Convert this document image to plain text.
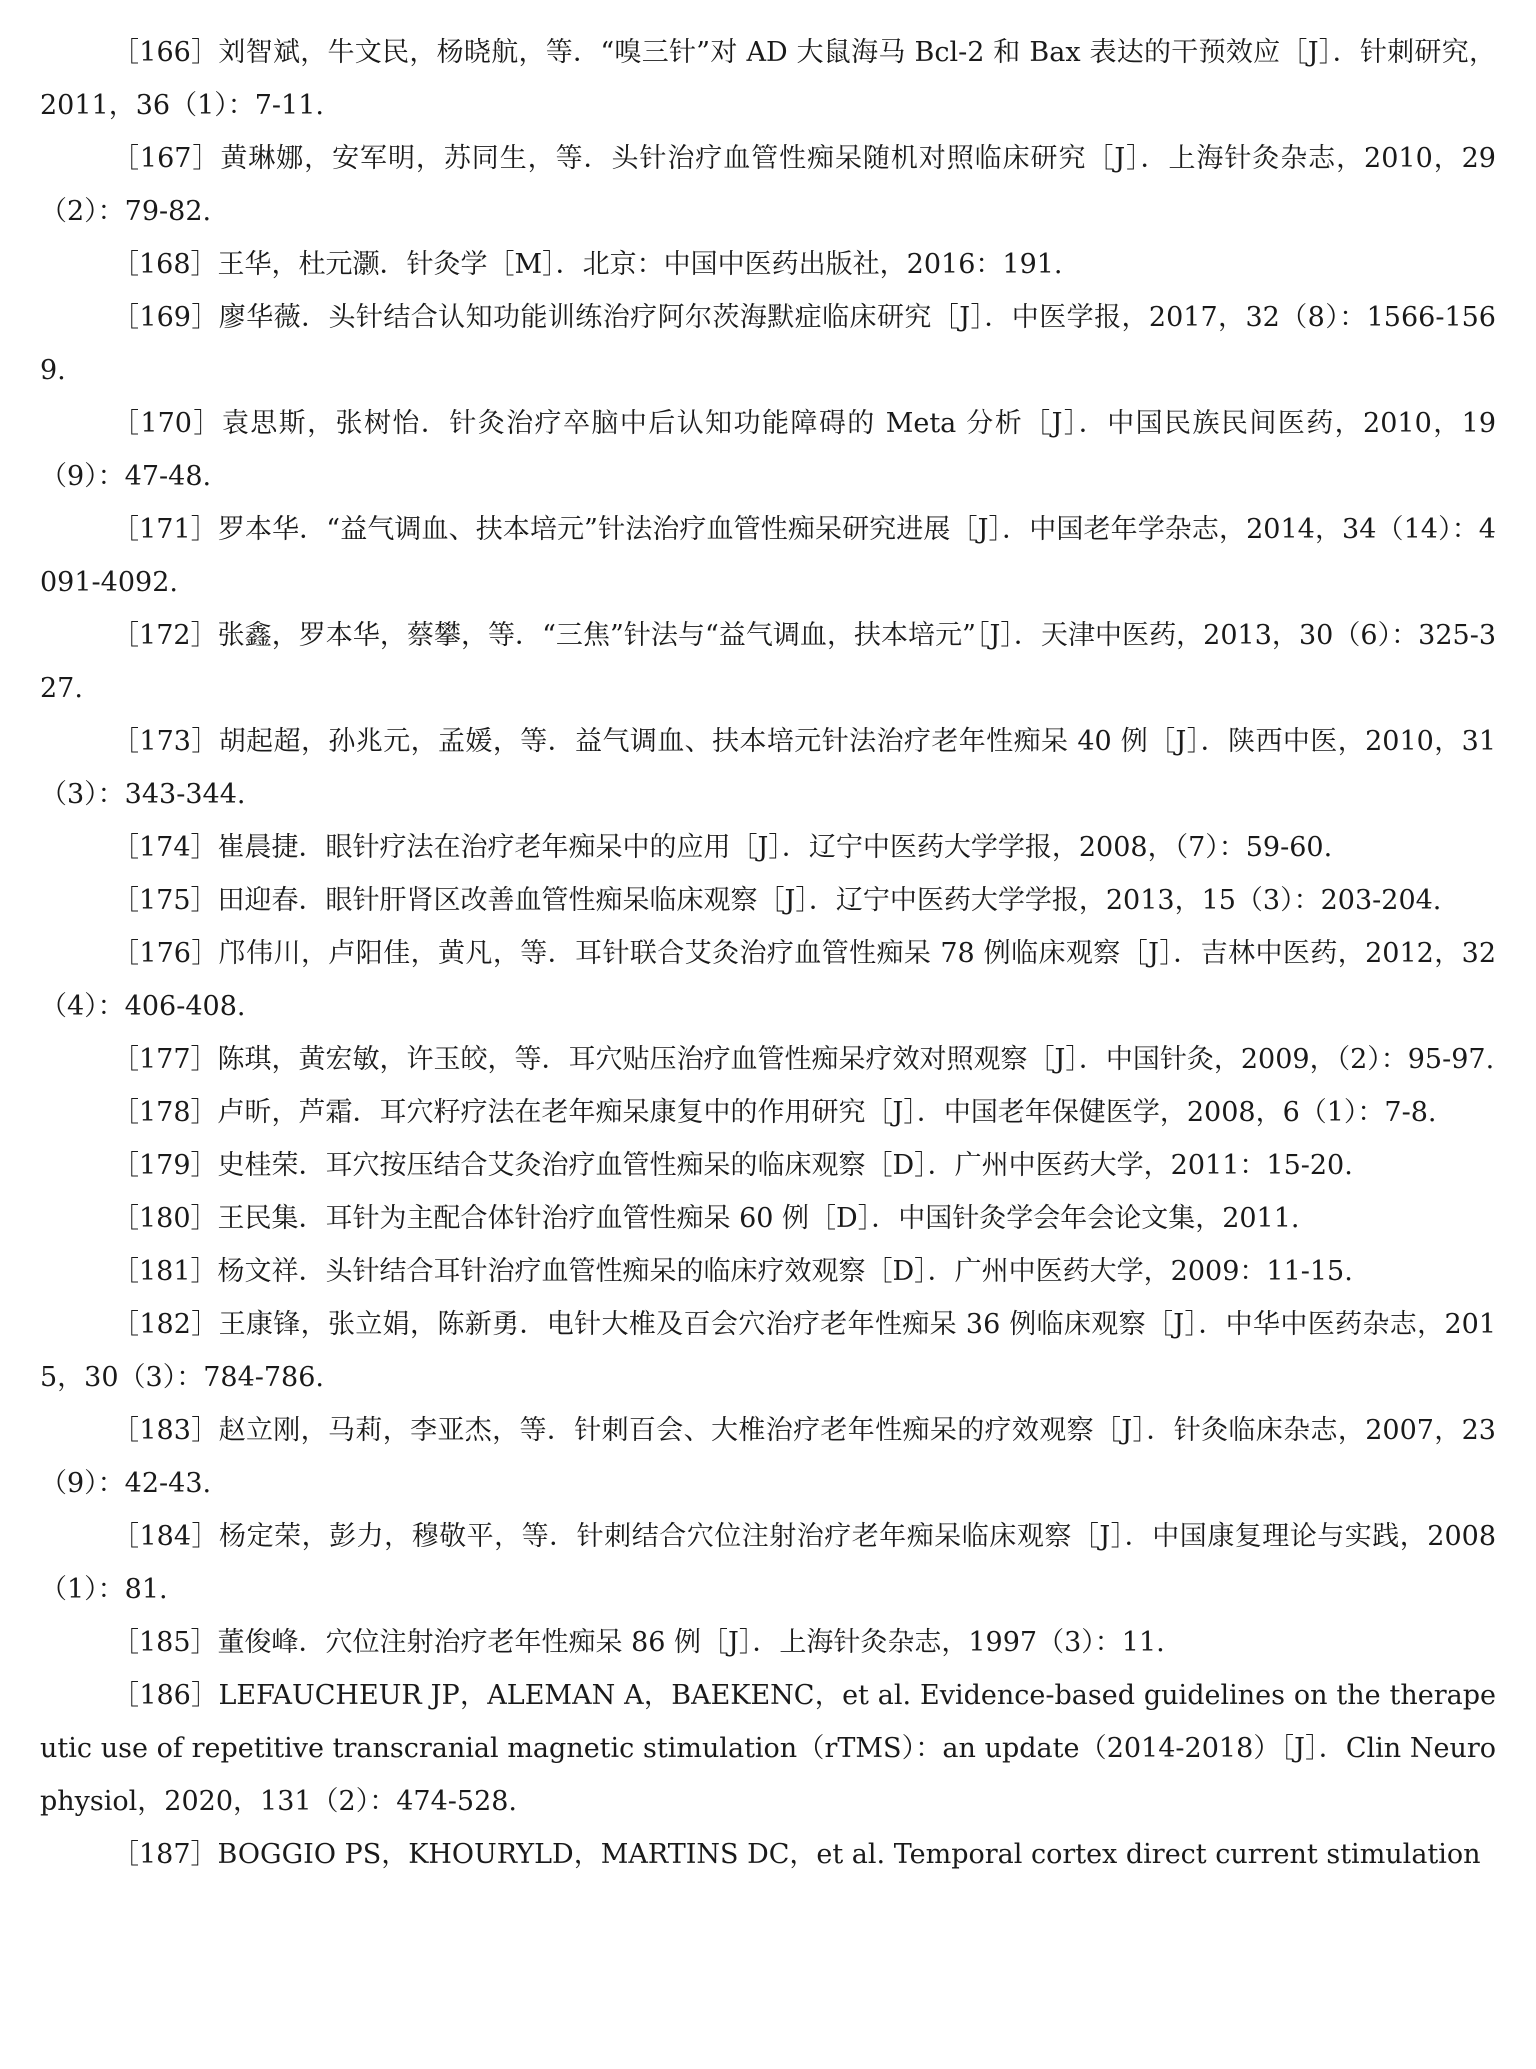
［166］刘智斌，牛文民，杨晓航，等．“嗅三针”对 AD 大鼠海马 Bcl-2 和 Bax 表达的干预效应［J］．针刺研究，2011，36（1）：7-11.

［167］黄琳娜，安军明，苏同生，等．头针治疗血管性痴呆随机对照临床研究［J］．上海针灸杂志，2010，29（2）：79-82.

［168］王华，杜元灏．针灸学［M］．北京：中国中医药出版社，2016：191.

［169］廖华薇．头针结合认知功能训练治疗阿尔茨海默症临床研究［J］．中医学报，2017，32（8）：1566-1569.

［170］袁思斯，张树怡．针灸治疗卒脑中后认知功能障碍的 Meta 分析［J］．中国民族民间医药，2010，19（9）：47-48.

［171］罗本华．“益气调血、扶本培元”针法治疗血管性痴呆研究进展［J］．中国老年学杂志，2014，34（14）：4091-4092.

［172］张鑫，罗本华，蔡攀，等．“三焦”针法与“益气调血，扶本培元”［J］．天津中医药，2013，30（6）：325-327.

［173］胡起超，孙兆元，孟媛，等．益气调血、扶本培元针法治疗老年性痴呆 40 例［J］．陕西中医，2010，31（3）：343-344.

［174］崔晨捷．眼针疗法在治疗老年痴呆中的应用［J］．辽宁中医药大学学报，2008，（7）：59-60.

［175］田迎春．眼针肝肾区改善血管性痴呆临床观察［J］．辽宁中医药大学学报，2013，15（3）：203-204.

［176］邝伟川，卢阳佳，黄凡，等．耳针联合艾灸治疗血管性痴呆 78 例临床观察［J］．吉林中医药，2012，32（4）：406-408.

［177］陈琪，黄宏敏，许玉皎，等．耳穴贴压治疗血管性痴呆疗效对照观察［J］．中国针灸，2009，（2）：95-97.

［178］卢昕，芦霜．耳穴籽疗法在老年痴呆康复中的作用研究［J］．中国老年保健医学，2008，6（1）：7-8.

［179］史桂荣．耳穴按压结合艾灸治疗血管性痴呆的临床观察［D］．广州中医药大学，2011：15-20.

［180］王民集．耳针为主配合体针治疗血管性痴呆 60 例［D］．中国针灸学会年会论文集，2011.

［181］杨文祥．头针结合耳针治疗血管性痴呆的临床疗效观察［D］．广州中医药大学，2009：11-15.

［182］王康锋，张立娟，陈新勇．电针大椎及百会穴治疗老年性痴呆 36 例临床观察［J］．中华中医药杂志，2015，30（3）：784-786.

［183］赵立刚，马莉，李亚杰，等．针刺百会、大椎治疗老年性痴呆的疗效观察［J］．针灸临床杂志，2007，23（9）：42-43.

［184］杨定荣，彭力，穆敬平，等．针刺结合穴位注射治疗老年痴呆临床观察［J］．中国康复理论与实践，2008（1）：81.

［185］董俊峰．穴位注射治疗老年性痴呆 86 例［J］．上海针灸杂志，1997（3）：11.

［186］LEFAUCHEUR JP，ALEMAN A，BAEKENC，et al. Evidence-based guidelines on the therapeutic use of repetitive transcranial magnetic stimulation（rTMS）：an update（2014-2018）［J］．Clin Neurophysiol，2020，131（2）：474-528.

［187］BOGGIO PS，KHOURYLD，MARTINS DC，et al. Temporal cortex direct current stimulation
